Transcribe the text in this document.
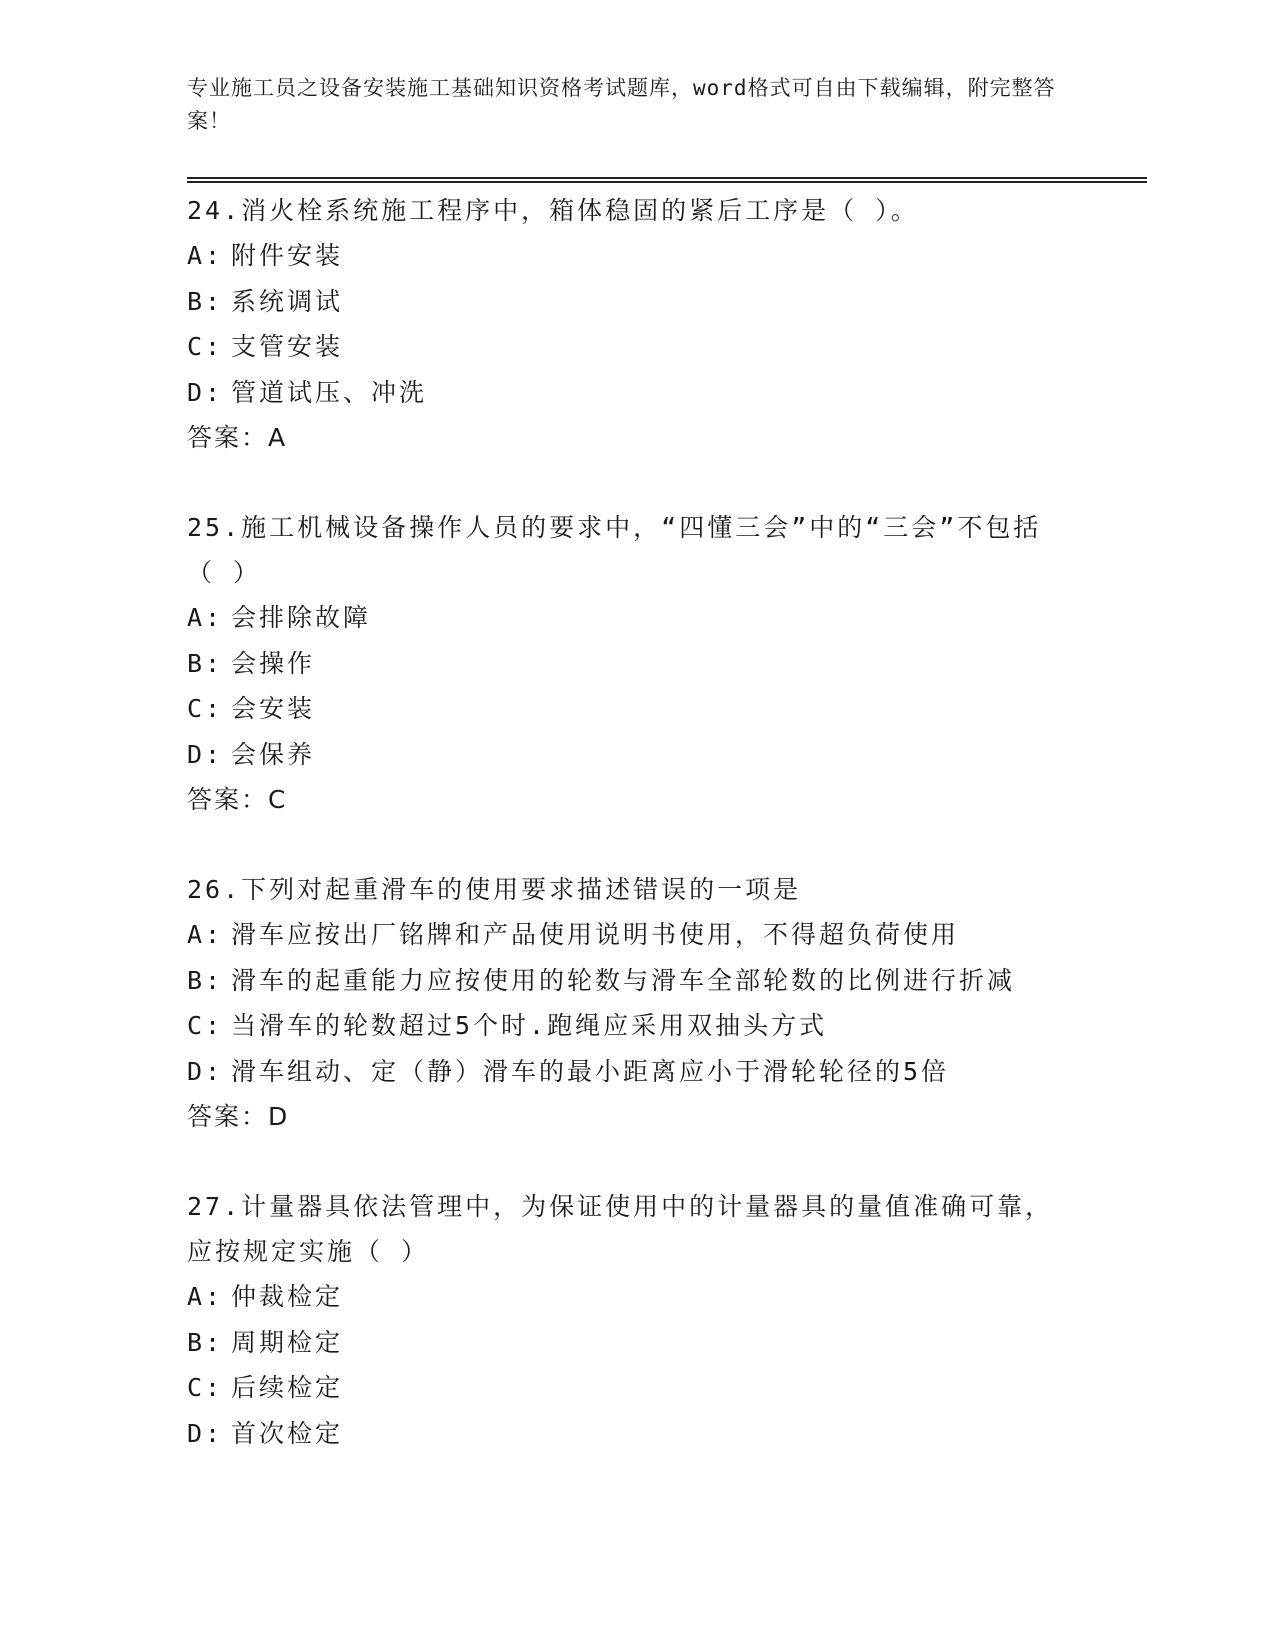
专业施工员之设备安装施工基础知识资格考试题库，word格式可自由下载编辑，附完整答案！
24.消火栓系统施工程序中，箱体稳固的紧后工序是（ ）。
A: 附件安装
B: 系统调试
C: 支管安装
D: 管道试压、冲洗
答案：A
25.施工机械设备操作人员的要求中，“四懂三会”中的“三会”不包括（ ）
A: 会排除故障
B: 会操作
C: 会安装
D: 会保养
答案：C
26.下列对起重滑车的使用要求描述错误的一项是
A: 滑车应按出厂铭牌和产品使用说明书使用，不得超负荷使用
B: 滑车的起重能力应按使用的轮数与滑车全部轮数的比例进行折减
C: 当滑车的轮数超过5个时.跑绳应采用双抽头方式
D: 滑车组动、定（静）滑车的最小距离应小于滑轮轮径的5倍
答案：D
27.计量器具依法管理中，为保证使用中的计量器具的量值准确可靠，应按规定实施（ ）
A: 仲裁检定
B: 周期检定
C: 后续检定
D: 首次检定
